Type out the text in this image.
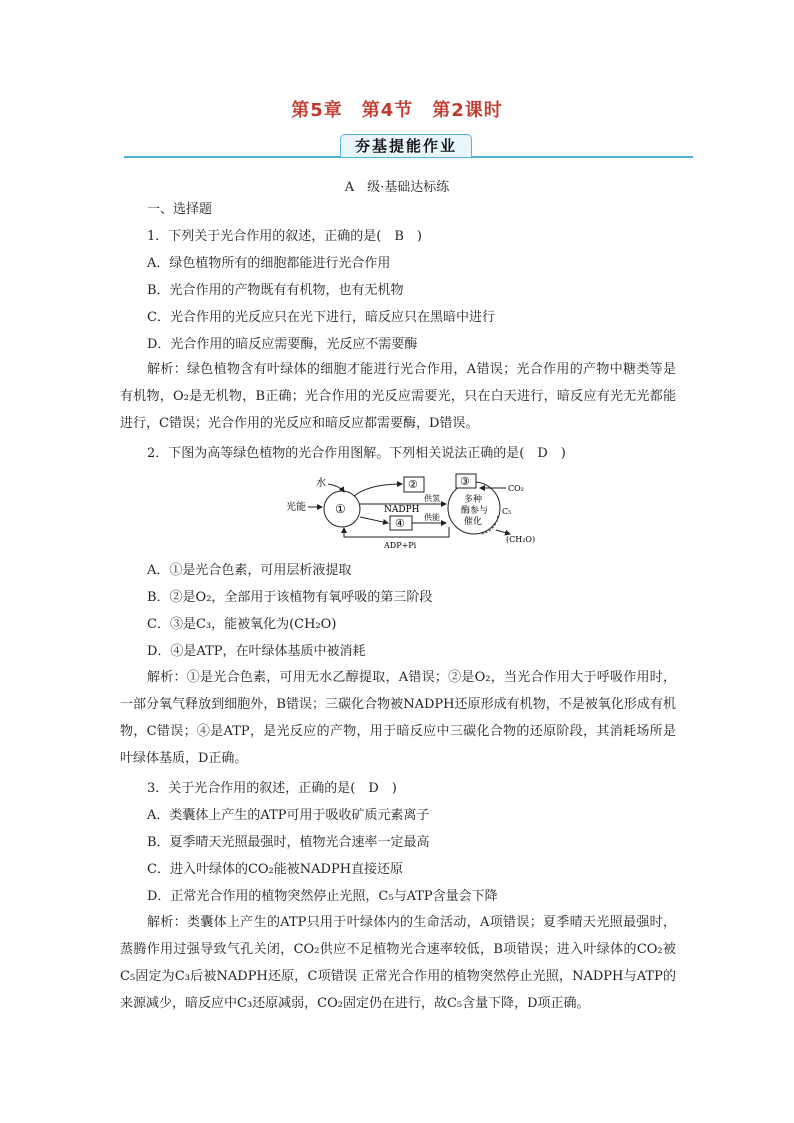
第5章　第4节　第2课时
夯基提能作业
A　级·基础达标练
一、选择题
1．下列关于光合作用的叙述，正确的是(　B　)
A．绿色植物所有的细胞都能进行光合作用
B．光合作用的产物既有有机物，也有无机物
C．光合作用的光反应只在光下进行，暗反应只在黑暗中进行
D．光合作用的暗反应需要酶，光反应不需要酶
解析：绿色植物含有叶绿体的细胞才能进行光合作用，A错误；光合作用的产物中糖类等是有机物，O₂是无机物，B正确；光合作用的光反应需要光，只在白天进行，暗反应有光无光都能进行，C错误；光合作用的光反应和暗反应都需要酶，D错误。
2．下图为高等绿色植物的光合作用图解。下列相关说法正确的是(　D　)
光能 ①
水	②
NADPH
供氢
④ 供能
ADP+Pi
多种
酶参与
催化
③
CO₂
C₅
(CH₂O)
A．①是光合色素，可用层析液提取
B．②是O₂，全部用于该植物有氧呼吸的第三阶段
C．③是C₃，能被氧化为(CH₂O)
D．④是ATP，在叶绿体基质中被消耗
解析：①是光合色素，可用无水乙醇提取，A错误；②是O₂，当光合作用大于呼吸作用时，一部分氧气释放到细胞外，B错误；三碳化合物被NADPH还原形成有机物，不是被氧化形成有机物，C错误；④是ATP，是光反应的产物，用于暗反应中三碳化合物的还原阶段，其消耗场所是叶绿体基质，D正确。
3．关于光合作用的叙述，正确的是(　D　)
A．类囊体上产生的ATP可用于吸收矿质元素离子
B．夏季晴天光照最强时，植物光合速率一定最高
C．进入叶绿体的CO₂能被NADPH直接还原
D．正常光合作用的植物突然停止光照，C₅与ATP含量会下降
解析：类囊体上产生的ATP只用于叶绿体内的生命活动，A项错误；夏季晴天光照最强时，蒸腾作用过强导致气孔关闭，CO₂供应不足植物光合速率较低，B项错误；进入叶绿体的CO₂被C₅固定为C₃后被NADPH还原，C项错误 正常光合作用的植物突然停止光照，NADPH与ATP的来源减少，暗反应中C₃还原减弱，CO₂固定仍在进行，故C₅含量下降，D项正确。
